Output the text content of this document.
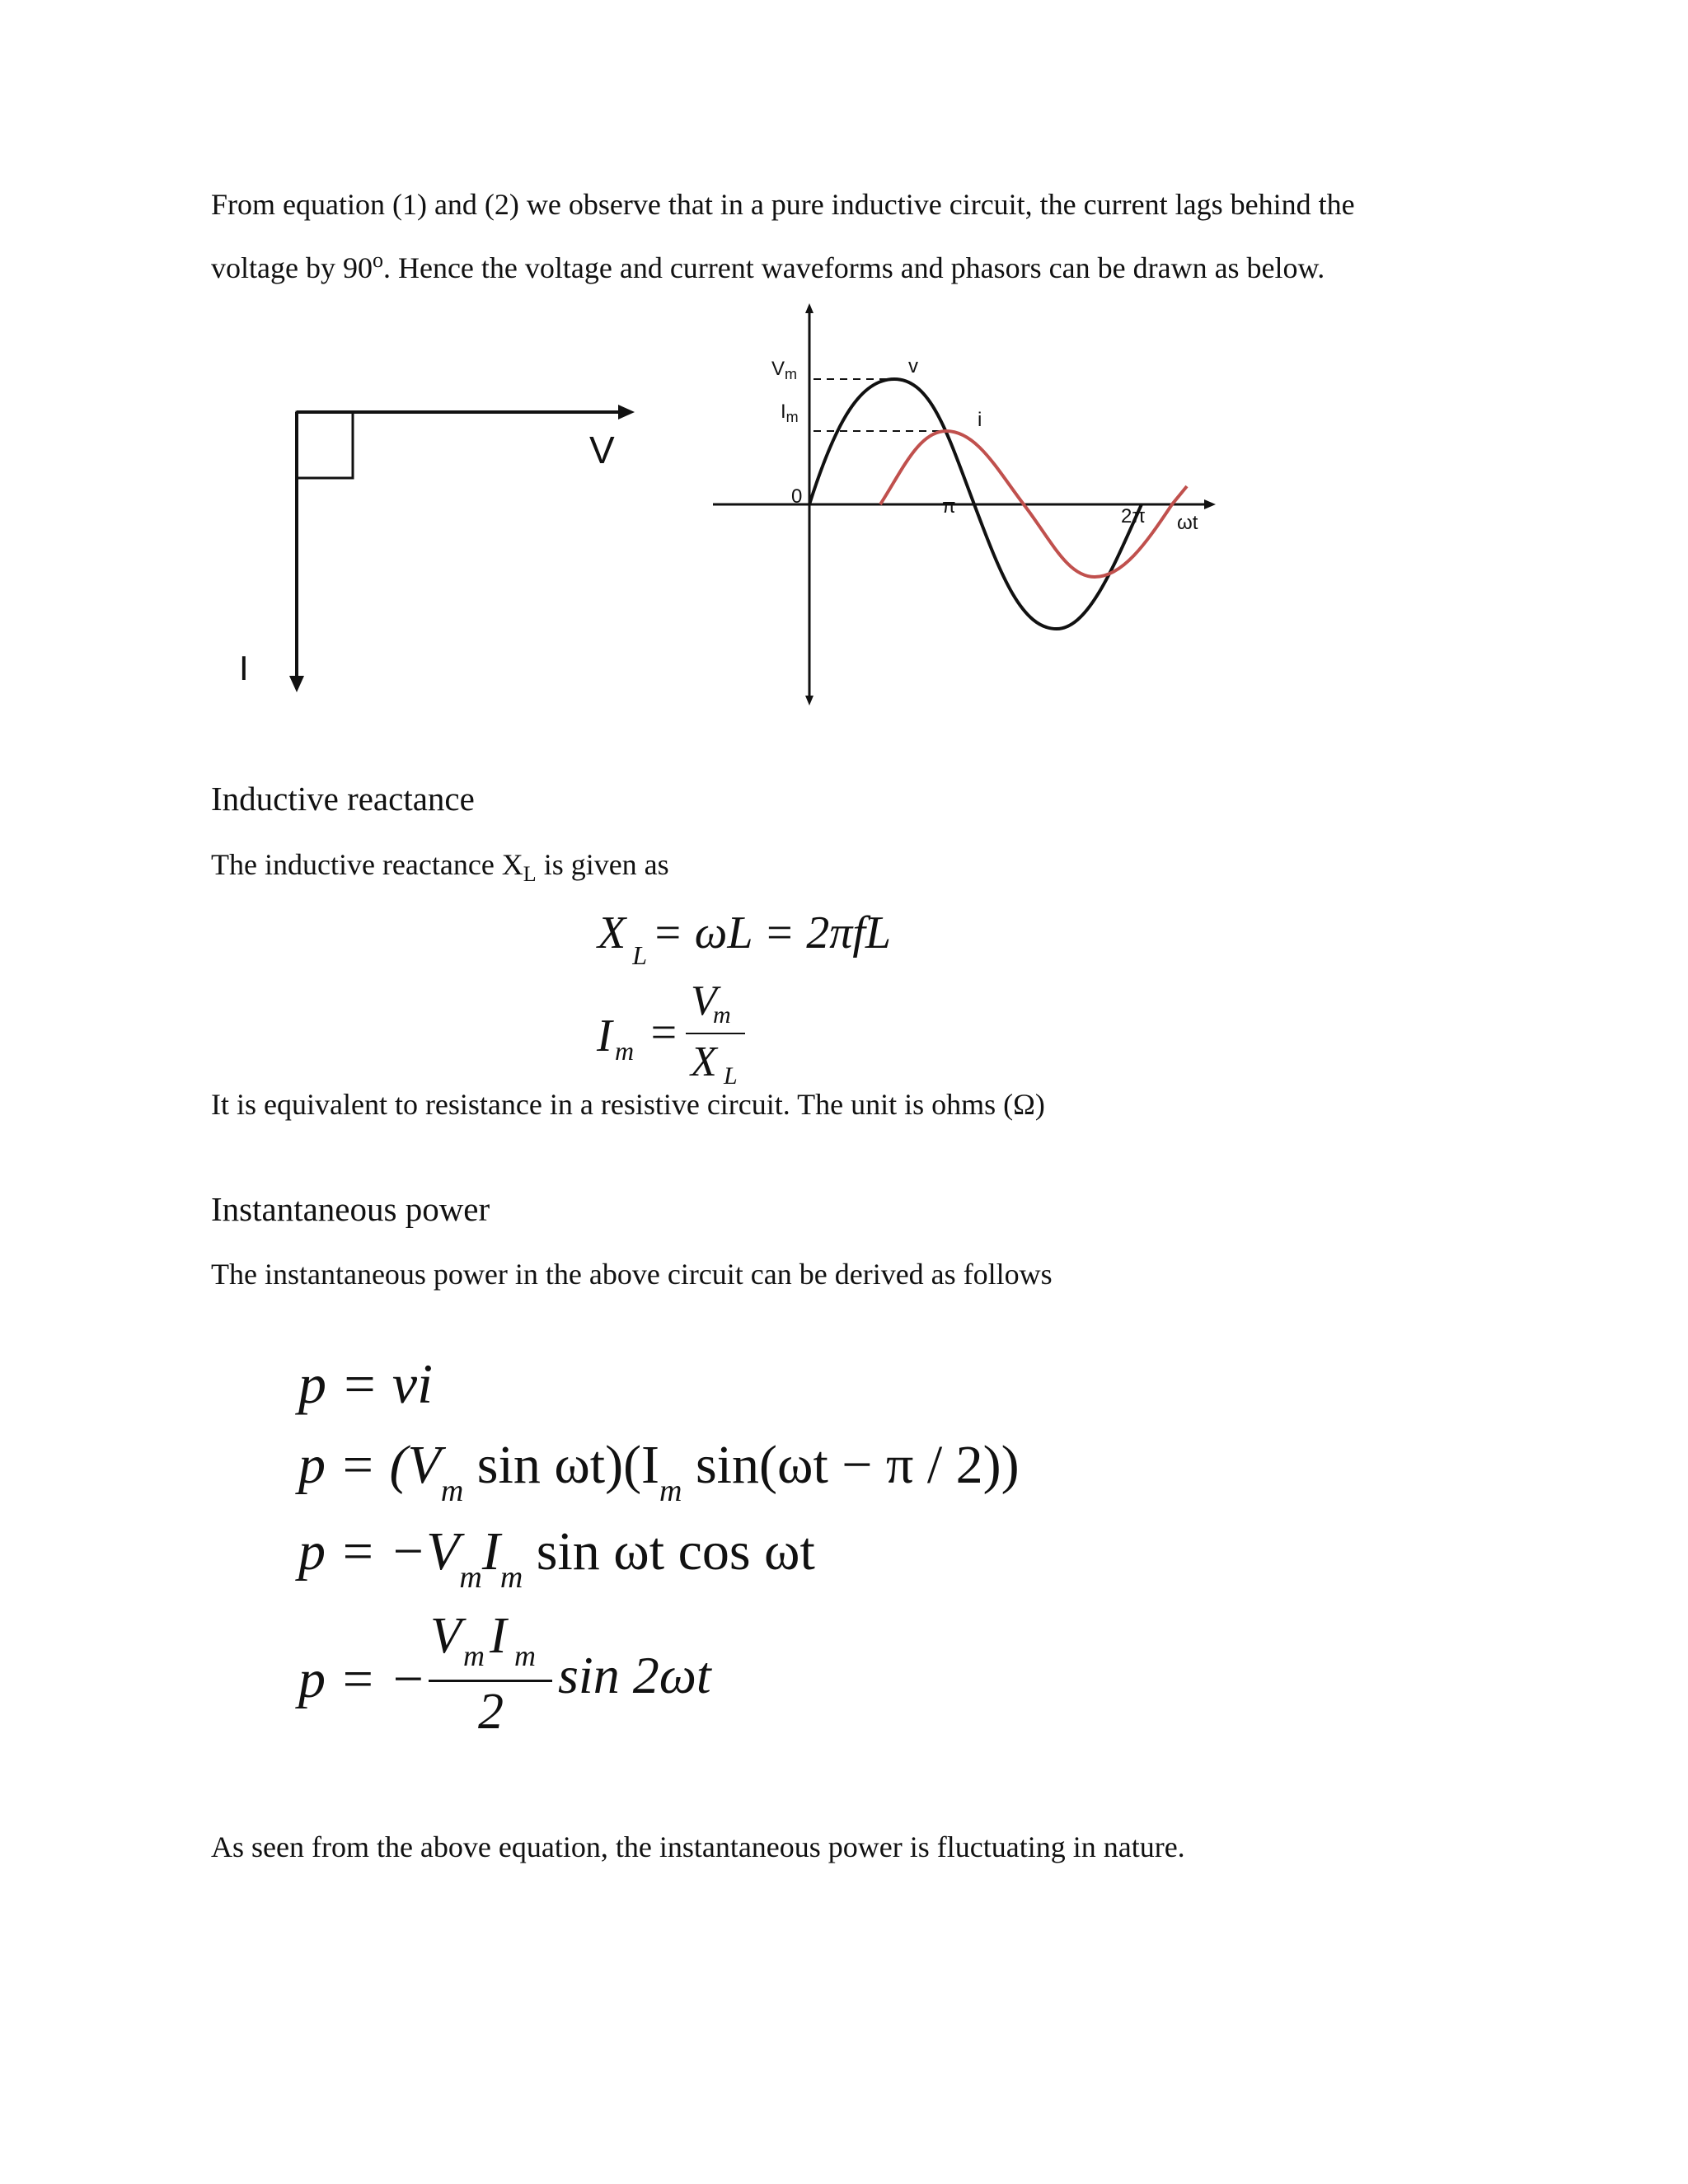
From equation (1) and (2) we observe that in a pure inductive circuit, the current lags behind the

voltage by 90$^o$. Hence the voltage and current waveforms and phasors can be drawn as below.

V
I
$V_m$
$I_m$
0
v
i
π	2π ωt
Inductive reactance

The inductive reactance $X_L$ is given as

X $_L$ = ωL = 2πfL
I m =
V
m
X L

It is equivalent to resistance in a resistive circuit. The unit is ohms (Ω)

Instantaneous power

The instantaneous power in the above circuit can be derived as follows

p = vi
$p = (V_m$ $\sin \omega t)(I_m$ sin(ωt − π / 2))
$p = -V_mI_m$ sin ωt cos ωt
p = −
V m I m
2
sin 2ωt

As seen from the above equation, the instantaneous power is fluctuating in nature.
